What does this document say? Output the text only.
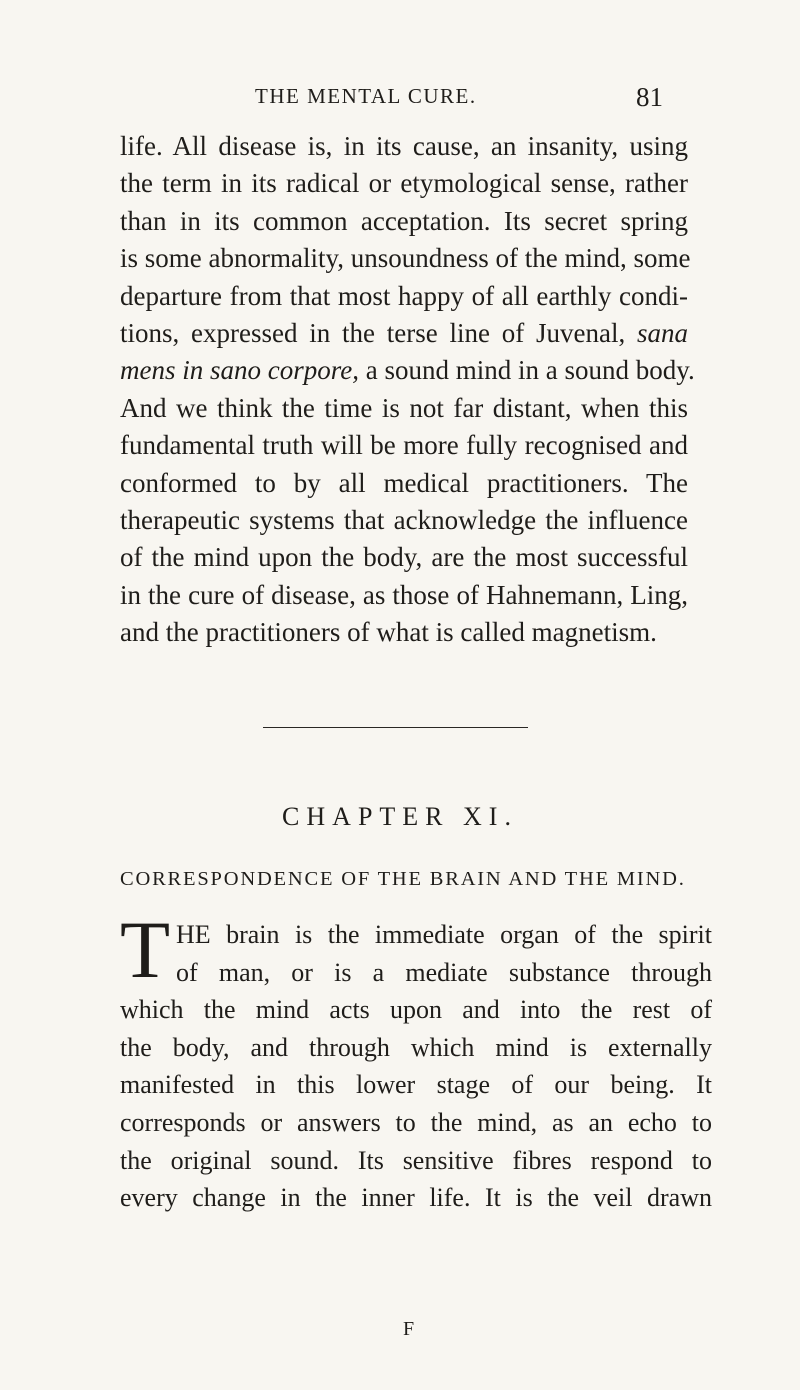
THE MENTAL CURE.	81
life. All disease is, in its cause, an insanity, using
the term in its radical or etymological sense, rather
than in its common acceptation. Its secret spring
is some abnormality, unsoundness of the mind, some
departure from that most happy of all earthly condi-
tions, expressed in the terse line of Juvenal, sana
mens in sano corpore, a sound mind in a sound body.
And we think the time is not far distant, when this
fundamental truth will be more fully recognised and
conformed to by all medical practitioners. The
therapeutic systems that acknowledge the influence
of the mind upon the body, are the most successful
in the cure of disease, as those of Hahnemann, Ling,
and the practitioners of what is called magnetism.
CHAPTER XI.
CORRESPONDENCE OF THE BRAIN AND THE MIND.
T HE brain is the immediate organ of the spirit
of man, or is a mediate substance through
which the mind acts upon and into the rest of
the body, and through which mind is externally
manifested in this lower stage of our being. It
corresponds or answers to the mind, as an echo to
the original sound. Its sensitive fibres respond to
every change in the inner life. It is the veil drawn
F
